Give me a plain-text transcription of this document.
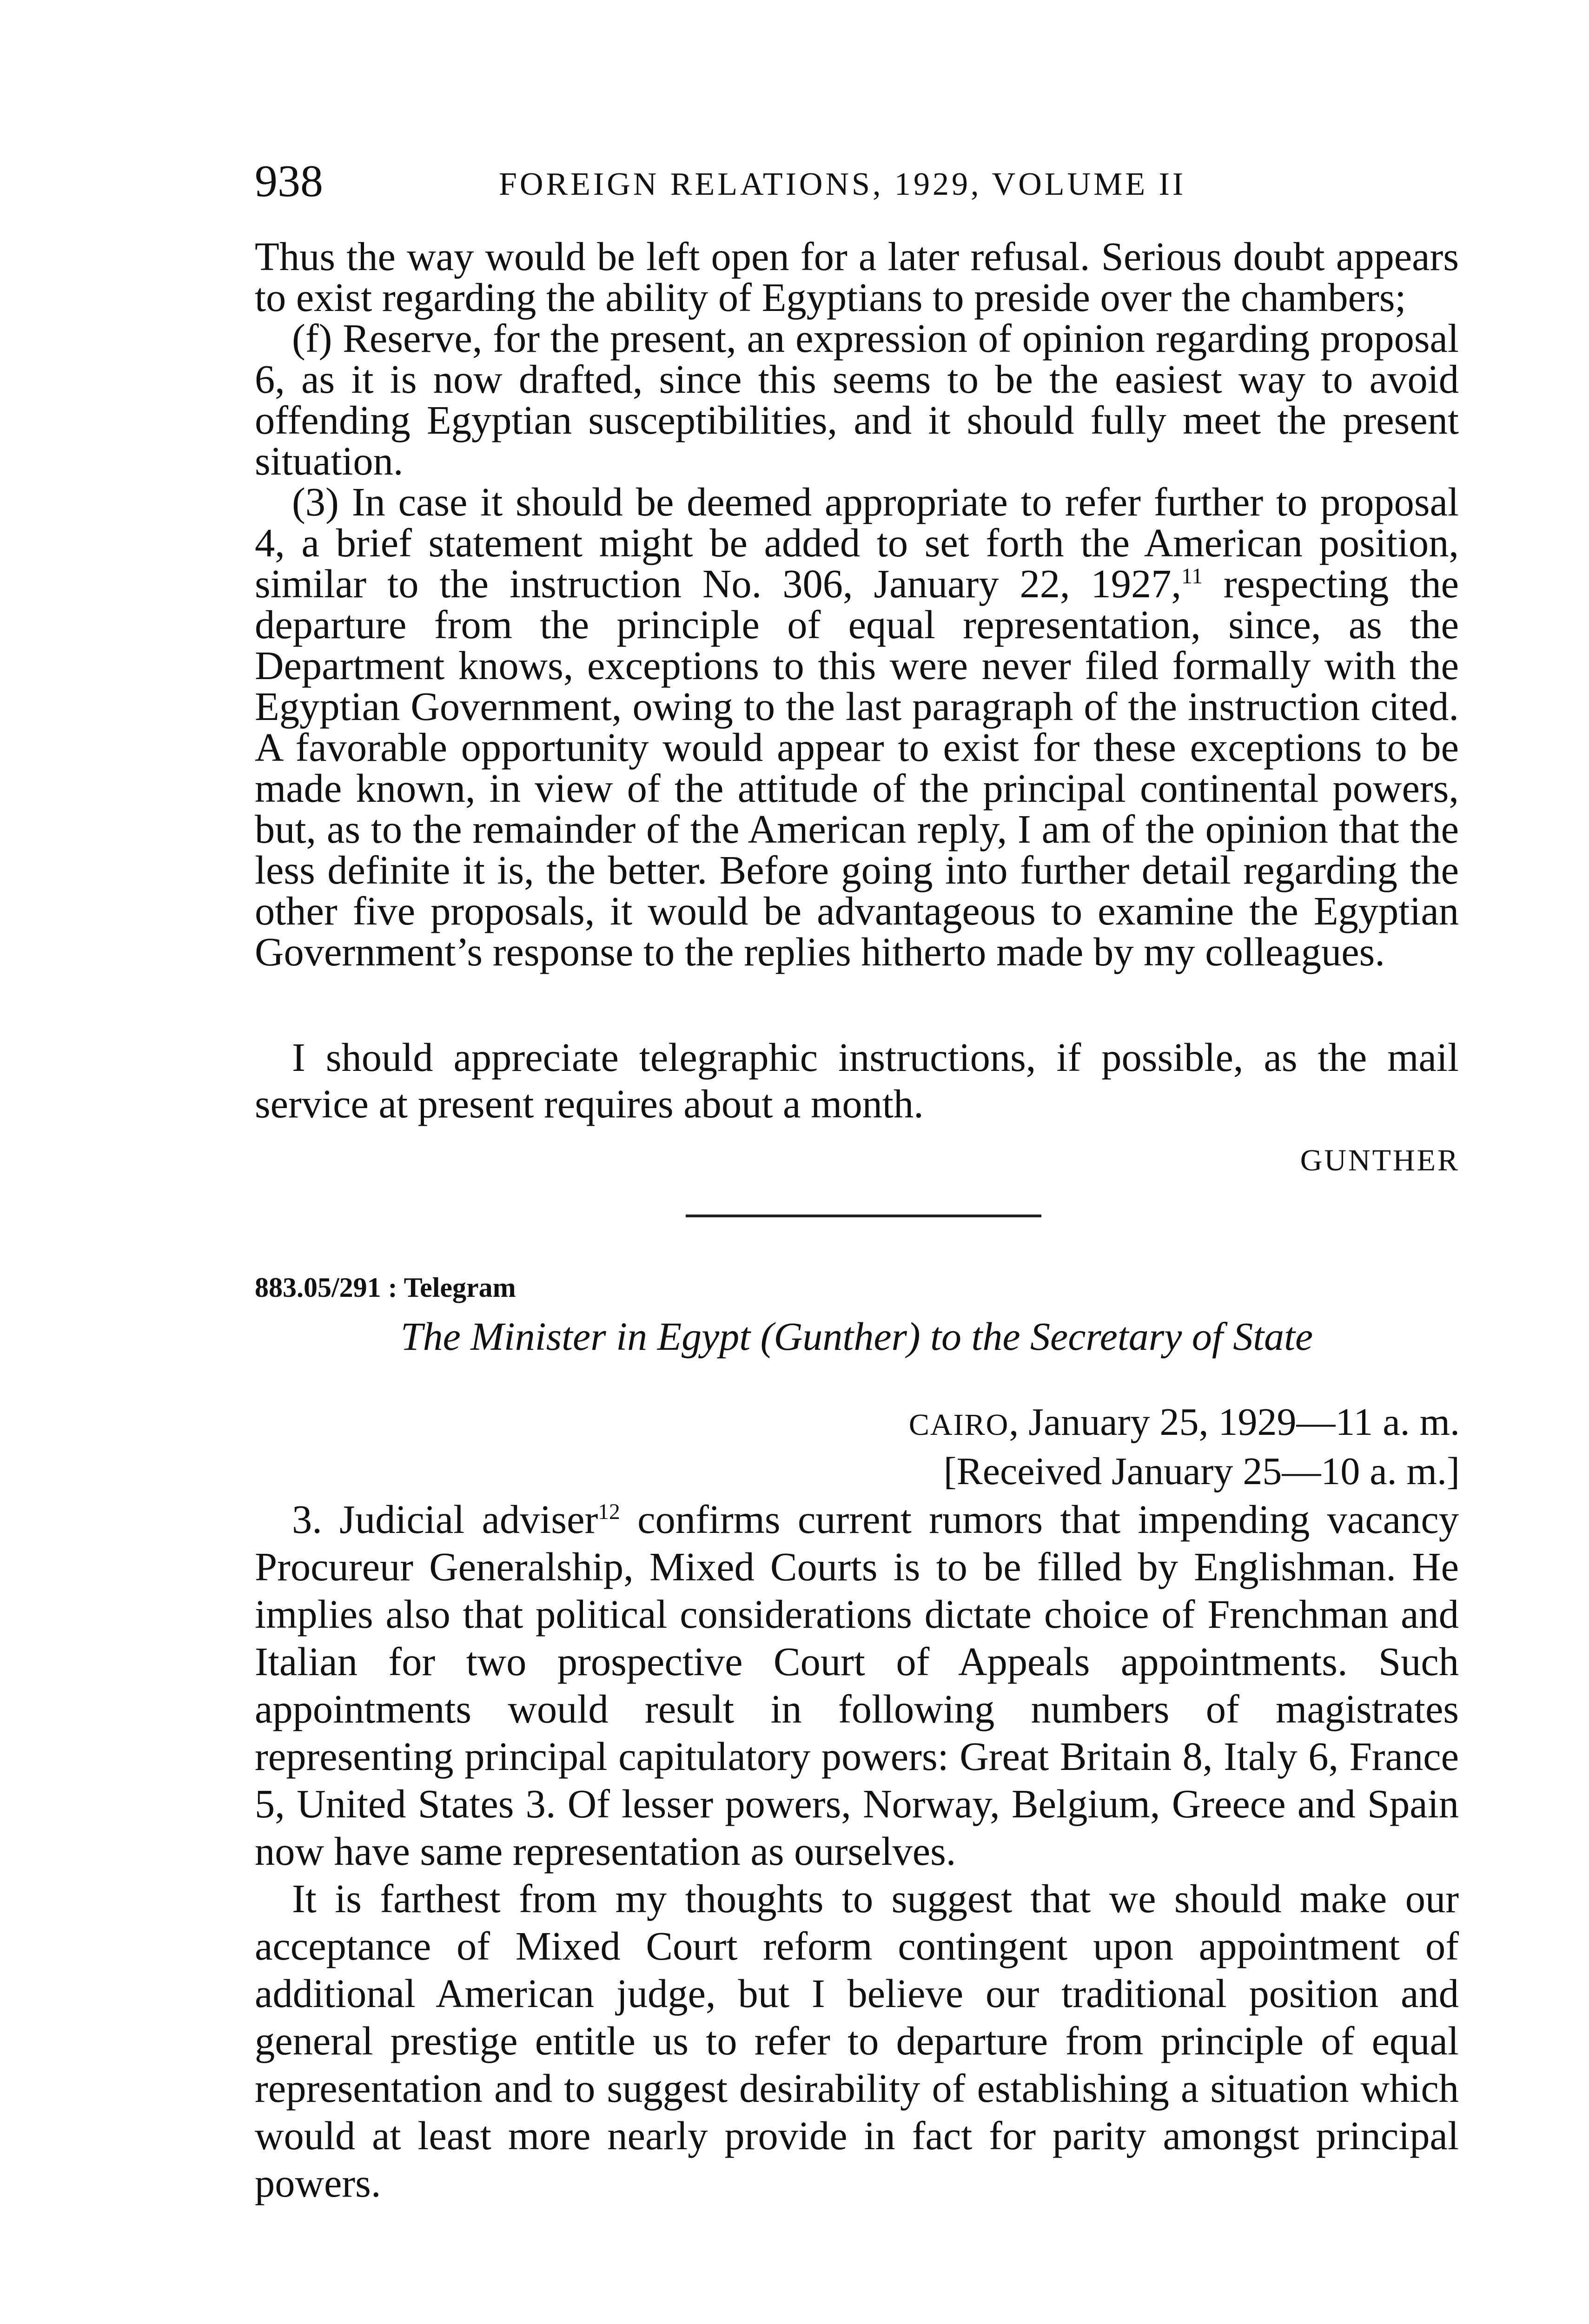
938	FOREIGN RELATIONS, 1929, VOLUME II

Thus the way would be left open for a later refusal. Serious doubt appears to exist regarding the ability of Egyptians to preside over the chambers;

(f) Reserve, for the present, an expression of opinion regarding proposal 6, as it is now drafted, since this seems to be the easiest way to avoid offending Egyptian susceptibilities, and it should fully meet the present situation.

(3) In case it should be deemed appropriate to refer further to proposal 4, a brief statement might be added to set forth the American position, similar to the instruction No. 306, January 22, 1927,11 respecting the departure from the principle of equal representation, since, as the Department knows, exceptions to this were never filed formally with the Egyptian Government, owing to the last paragraph of the instruction cited. A favorable opportunity would appear to exist for these exceptions to be made known, in view of the attitude of the principal continental powers, but, as to the remainder of the American reply, I am of the opinion that the less definite it is, the better. Before going into further detail regarding the other five proposals, it would be advantageous to examine the Egyptian Government’s response to the replies hitherto made by my colleagues.

I should appreciate telegraphic instructions, if possible, as the mail service at present requires about a month.

GUNTHER
883.05/291 : Telegram
The Minister in Egypt (Gunther) to the Secretary of State
CAIRO, January 25, 1929—11 a. m.
[Received January 25—10 a. m.]

3. Judicial adviser$^{12}$ confirms current rumors that impending vacancy Procureur Generalship, Mixed Courts is to be filled by Englishman. He implies also that political considerations dictate choice of Frenchman and Italian for two prospective Court of Appeals appointments. Such appointments would result in following numbers of magistrates representing principal capitulatory powers: Great Britain 8, Italy 6, France 5, United States 3. Of lesser powers, Norway, Belgium, Greece and Spain now have same representation as ourselves.

It is farthest from my thoughts to suggest that we should make our acceptance of Mixed Court reform contingent upon appointment of additional American judge, but I believe our traditional position and general prestige entitle us to refer to departure from principle of equal representation and to suggest desirability of establishing a situation which would at least more nearly provide in fact for parity amongst principal powers.
